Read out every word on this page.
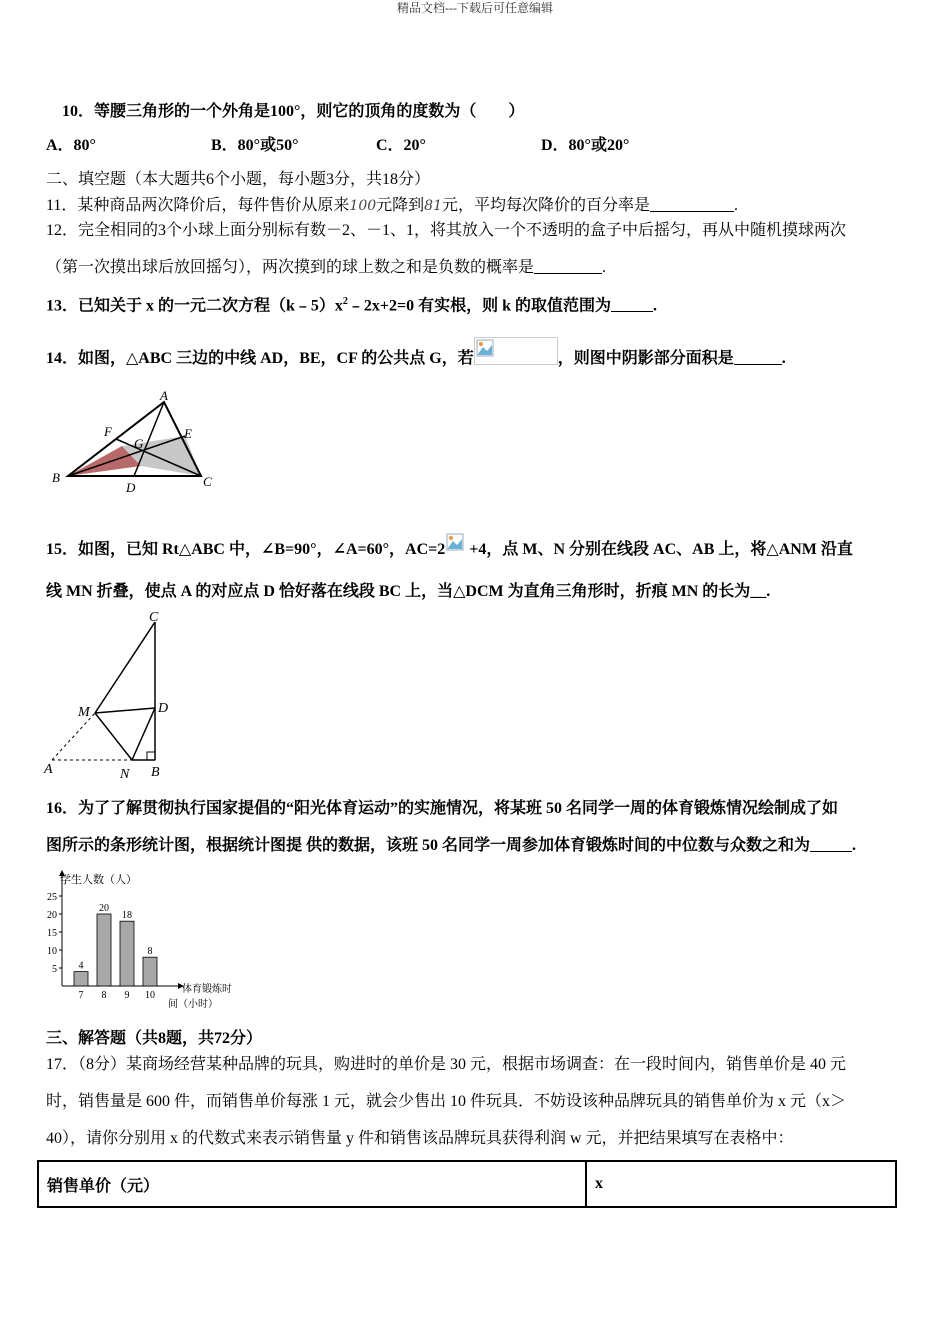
精品文档---下载后可任意编辑
10．等腰三角形的一个外角是100°，则它的顶角的度数为（　　）
A．80°	B．80°或50°	C．20°	D．80°或20°
二、填空题（本大题共6个小题，每小题3分，共18分）
11．某种商品两次降价后，每件售价从原来100元降到81元，平均每次降价的百分率是	.
12．完全相同的3个小球上面分别标有数－2、－1、1，将其放入一个不透明的盒子中后摇匀，再从中随机摸球两次
（第一次摸出球后放回摇匀），两次摸到的球上数之和是负数的概率是	.
13．已知关于 x 的一元二次方程$(k﹣5)x^2﹣2x+2=0$ 有实根，则 k 的取值范围为	.
14．如图，△ABC 三边的中线 AD，BE，CF 的公共点 G，若	，则图中阴影部分面积是	.
A
B	C
D
E
F
G
15．如图，已知 Rt△ABC 中，∠B=90°，∠A=60°，AC=2 +4，点 M、N 分别在线段 AC、AB 上，将△ANM 沿直
线 MN 折叠，使点 A 的对应点 D 恰好落在线段 BC 上，当△DCM 为直角三角形时，折痕 MN 的长为__.
C
M	D
A	N B
16．为了了解贯彻执行国家提倡的“阳光体育运动”的实施情况，将某班 50 名同学一周的体育锻炼情况绘制成了如
图所示的条形统计图，根据统计图提 供的数据，该班 50 名同学一周参加体育锻炼时间的中位数与众数之和为	.
学生人数（人）
体育锻炼时
间（小时）
5
10
15
20
25
4
7
20
8
18
9
8
10
三、解答题（共8题，共72分）
17．（8分）某商场经营某种品牌的玩具，购进时的单价是 30 元，根据市场调查：在一段时间内，销售单价是 40 元
时，销售量是 600 件，而销售单价每涨 1 元，就会少售出 10 件玩具．不妨设该种品牌玩具的销售单价为 x 元（x＞
40），请你分别用 x 的代数式来表示销售量 y 件和销售该品牌玩具获得利润 w 元，并把结果填写在表格中：
销售单价（元）	x
